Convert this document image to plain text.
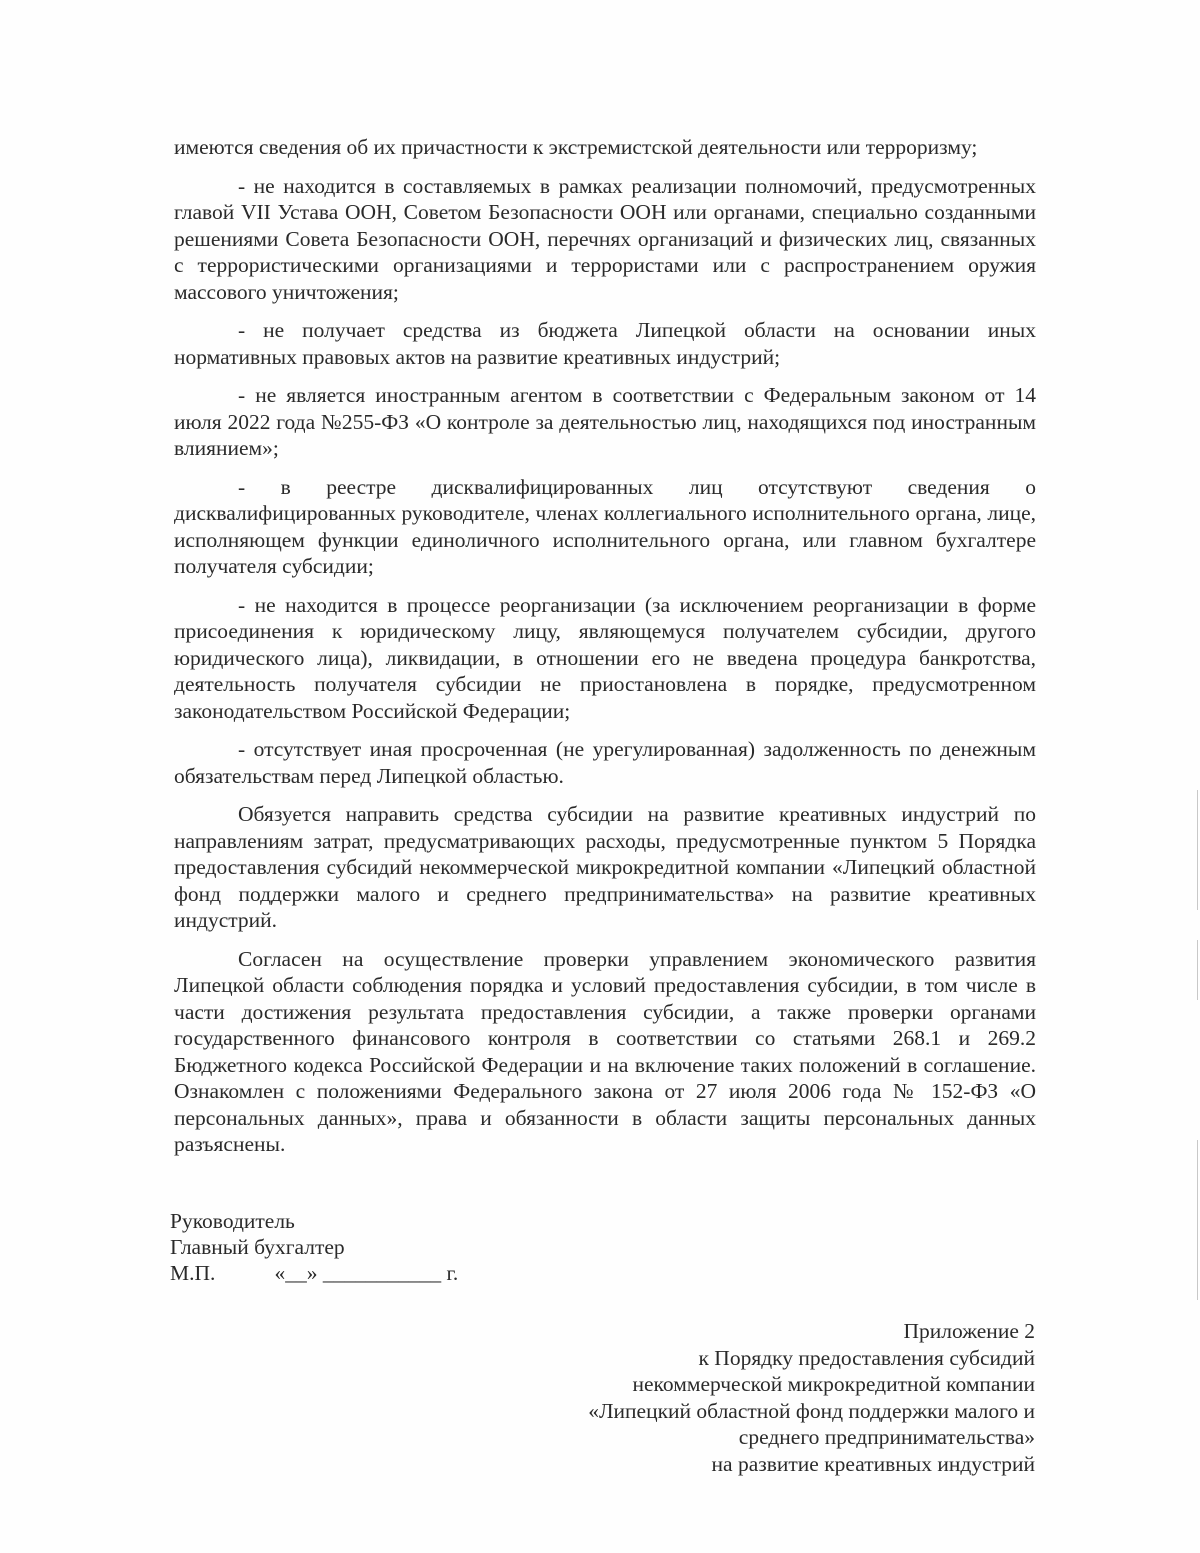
имеются сведения об их причастности к экстремистской деятельности или терроризму;

- не находится в составляемых в рамках реализации полномочий, предусмотренных главой VII Устава ООН, Советом Безопасности ООН или органами, специально созданными решениями Совета Безопасности ООН, перечнях организаций и физических лиц, связанных с террористическими организациями и террористами или с распространением оружия массового уничтожения;

- не получает средства из бюджета Липецкой области на основании иных нормативных правовых актов на развитие креативных индустрий;

- не является иностранным агентом в соответствии с Федеральным законом от 14 июля 2022 года №255-ФЗ «О контроле за деятельностью лиц, находящихся под иностранным влиянием»;

- в реестре дисквалифицированных лиц отсутствуют сведения о дисквалифицированных руководителе, членах коллегиального исполнительного органа, лице, исполняющем функции единоличного исполнительного органа, или главном бухгалтере получателя субсидии;

- не находится в процессе реорганизации (за исключением реорганизации в форме присоединения к юридическому лицу, являющемуся получателем субсидии, другого юридического лица), ликвидации, в отношении его не введена процедура банкротства, деятельность получателя субсидии не приостановлена в порядке, предусмотренном законодательством Российской Федерации;

- отсутствует иная просроченная (не урегулированная) задолженность по денежным обязательствам перед Липецкой областью.

Обязуется направить средства субсидии на развитие креативных индустрий по направлениям затрат, предусматривающих расходы, предусмотренные пунктом 5 Порядка предоставления субсидий некоммерческой микрокредитной компании «Липецкий областной фонд поддержки малого и среднего предпринимательства» на развитие креативных индустрий.

Согласен на осуществление проверки управлением экономического развития Липецкой области соблюдения порядка и условий предоставления субсидии, в том числе в части достижения результата предоставления субсидии, а также проверки органами государственного финансового контроля в соответствии со статьями 268.1 и 269.2 Бюджетного кодекса Российской Федерации и на включение таких положений в соглашение. Ознакомлен с положениями Федерального закона от 27 июля 2006 года № 152-ФЗ «О персональных данных», права и обязанности в области защиты персональных данных разъяснены.

Руководитель
Главный бухгалтер
М.П.           «__» ___________ г.
Приложение 2
к Порядку предоставления субсидий
некоммерческой микрокредитной компании
«Липецкий областной фонд поддержки малого и
среднего предпринимательства»
на развитие креативных индустрий
